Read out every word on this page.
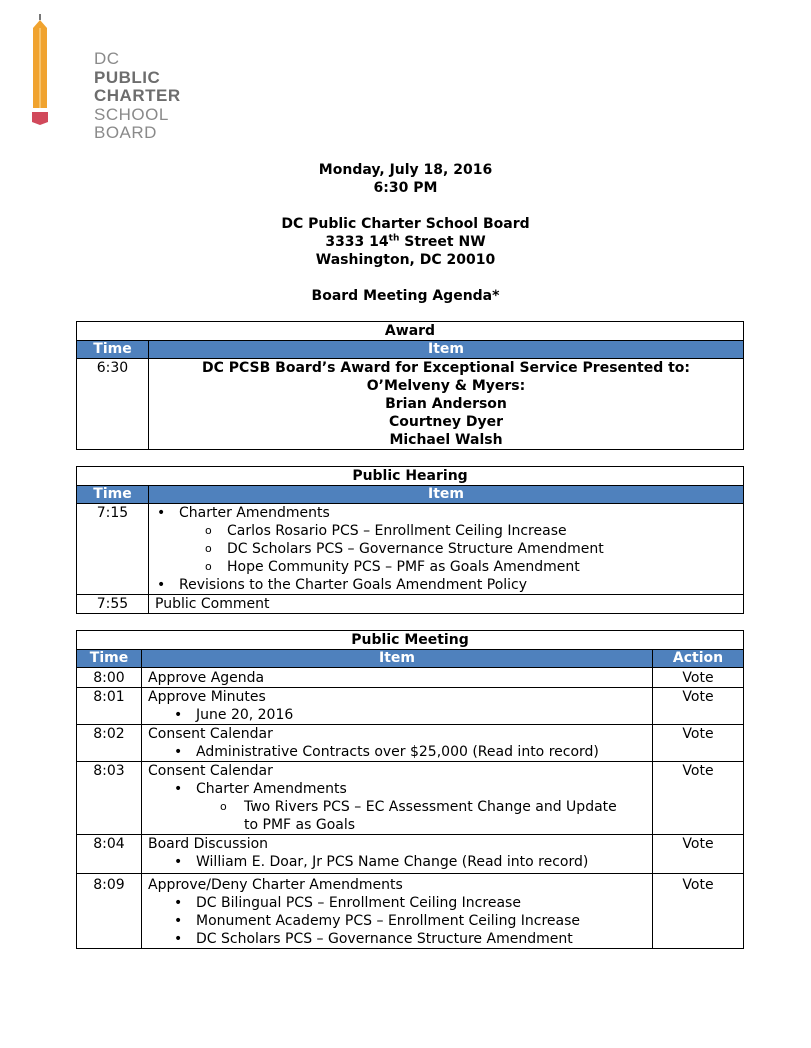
DC
PUBLIC
CHARTER
SCHOOL
BOARD
Monday, July 18, 2016
6:30 PM
DC Public Charter School Board
3333 14th Street NW
Washington, DC 20010
Board Meeting Agenda*
Award	
Time	Item
6:30	DC PCSB Board’s Award for Exceptional Service Presented to:
O’Melveny & Myers:
Brian Anderson
Courtney Dyer
Michael Walsh
Public Hearing	
Time	Item
7:15	• Charter Amendments
o Carlos Rosario PCS – Enrollment Ceiling Increase
o DC Scholars PCS – Governance Structure Amendment
o Hope Community PCS – PMF as Goals Amendment
• Revisions to the Charter Goals Amendment Policy

7:55	Public Comment
Public Meeting		
Time	Item	Action
8:00	Approve Agenda	Vote
8:01	Approve Minutes
• June 20, 2016	Vote
8:02	Consent Calendar
• Administrative Contracts over $25,000 (Read into record)	Vote
8:03	Consent Calendar
• Charter Amendments
o Two Rivers PCS – EC Assessment Change and Update
to PMF as Goals	Vote
8:04	Board Discussion
• William E. Doar, Jr PCS Name Change (Read into record)	Vote
8:09	Approve/Deny Charter Amendments
• DC Bilingual PCS – Enrollment Ceiling Increase
• Monument Academy PCS – Enrollment Ceiling Increase
• DC Scholars PCS – Governance Structure Amendment	Vote
